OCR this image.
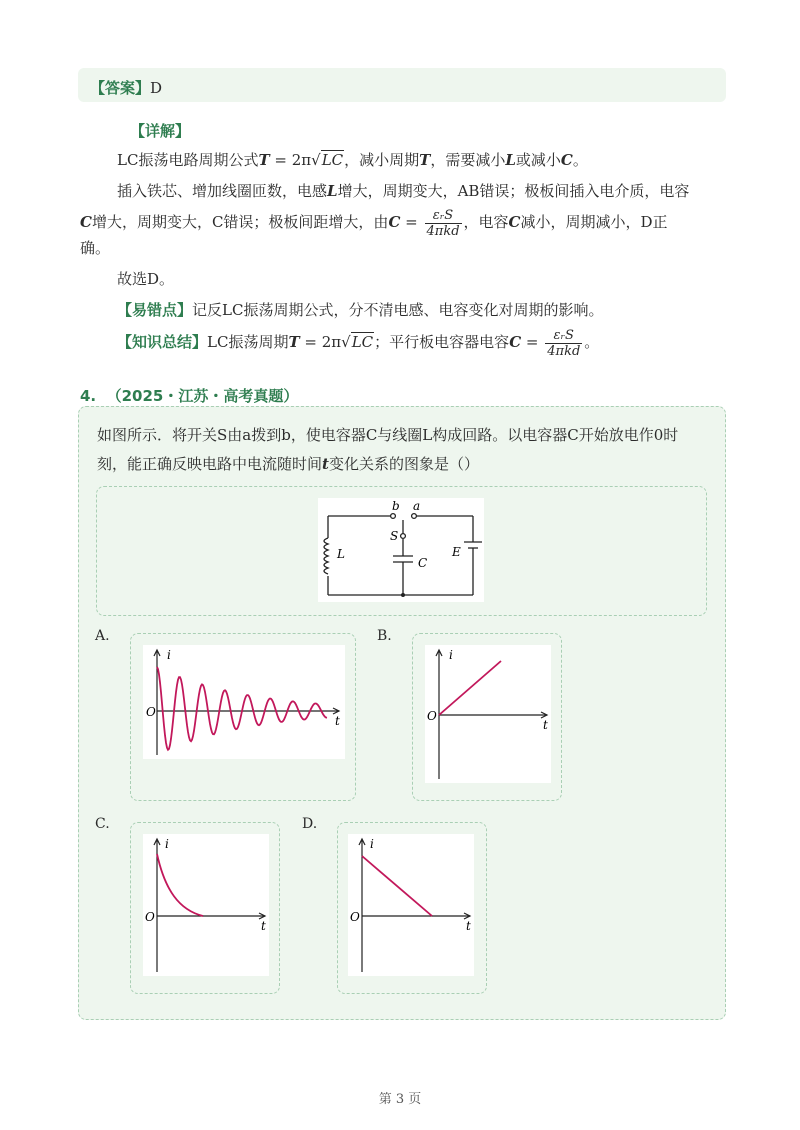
【答案】D
【详解】
LC振荡电路周期公式T = 2π√LC，减小周期T，需要减小L或减小C。
插入铁芯、增加线圈匝数，电感L增大，周期变大，AB错误；极板间插入电介质，电容
C增大，周期变大，C错误；极板间距增大，由$C = \frac{\text{εᵣS}}{\text{4πkd}}$ ，电容C减小，周期减小，D正
确。
故选D。
【易错点】记反LC振荡周期公式，分不清电感、电容变化对周期的影响。
【知识总结】LC振荡周期T = 2π√LC；平行板电容器电容$C = \frac{\text{εᵣS}}{\text{4πkd}}$ 。
4. （2025・江苏・高考真题）
如图所示．将开关S由a拨到b，使电容器C与线圈L构成回路。以电容器C开始放电作0时
刻，能正确反映电路中电流随时间t变化关系的图象是（）
b a
S
L
C
E
A.
i
O
t
B.
i
O
t
C.
i
O
t
D.
i
O
t
第 3 页
